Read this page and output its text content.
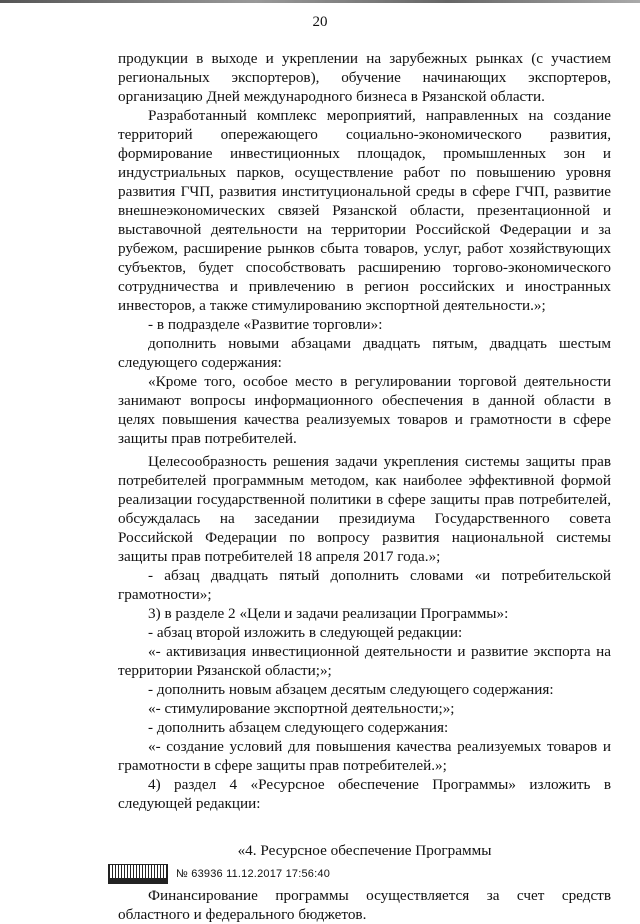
20

продукции в выходе и укреплении на зарубежных рынках (с участием региональных экспортеров), обучение начинающих экспортеров, организацию Дней международного бизнеса в Рязанской области.

Разработанный комплекс мероприятий, направленных на создание территорий опережающего социально-экономического развития, формирование инвестиционных площадок, промышленных зон и индустриальных парков, осуществление работ по повышению уровня развития ГЧП, развития институциональной среды в сфере ГЧП, развитие внешнеэкономических связей Рязанской области, презентационной и выставочной деятельности на территории Российской Федерации и за рубежом, расширение рынков сбыта товаров, услуг, работ хозяйствующих субъектов, будет способствовать расширению торгово-экономического сотрудничества и привлечению в регион российских и иностранных инвесторов, а также стимулированию экспортной деятельности.»;

- в подразделе «Развитие торговли»:

дополнить новыми абзацами двадцать пятым, двадцать шестым следующего содержания:

«Кроме того, особое место в регулировании торговой деятельности занимают вопросы информационного обеспечения в данной области в целях повышения качества реализуемых товаров и грамотности в сфере защиты прав потребителей.

Целесообразность решения задачи укрепления системы защиты прав потребителей программным методом, как наиболее эффективной формой реализации государственной политики в сфере защиты прав потребителей, обсуждалась на заседании президиума Государственного совета Российской Федерации по вопросу развития национальной системы защиты прав потребителей 18 апреля 2017 года.»;

- абзац двадцать пятый дополнить словами «и потребительской грамотности»;

3) в разделе 2 «Цели и задачи реализации Программы»:

- абзац второй изложить в следующей редакции:

«- активизация инвестиционной деятельности и развитие экспорта на территории Рязанской области;»;

- дополнить новым абзацем десятым следующего содержания:

«- стимулирование экспортной деятельности;»;

- дополнить абзацем следующего содержания:

«- создание условий для повышения качества реализуемых товаров и грамотности в сфере защиты прав потребителей.»;

4) раздел 4 «Ресурсное обеспечение Программы» изложить в следующей редакции:

«4. Ресурсное обеспечение Программы

Финансирование программы осуществляется за счет средств областного и федерального бюджетов.

№ 63936 11.12.2017 17:56:40
